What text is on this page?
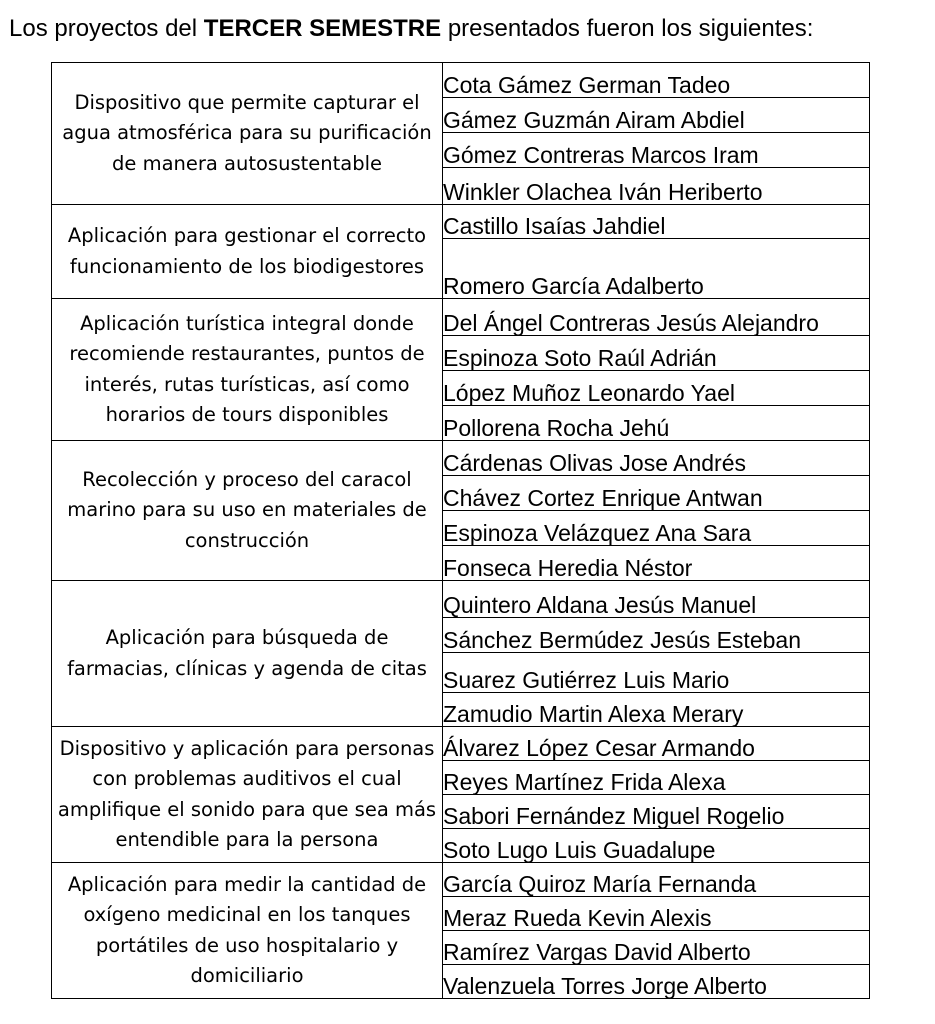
Los proyectos del TERCER SEMESTRE presentados fueron los siguientes:
Dispositivo que permite capturar el agua atmosférica para su purificación de manera autosustentable	Cota Gámez German Tadeo
	Gámez Guzmán Airam Abdiel
	Gómez Contreras Marcos Iram
	Winkler Olachea Iván Heriberto
Aplicación para gestionar el correcto funcionamiento de los biodigestores	Castillo Isaías Jahdiel
	Romero García Adalberto
Aplicación turística integral donde recomiende restaurantes, puntos de interés, rutas turísticas, así como horarios de tours disponibles	Del Ángel Contreras Jesús Alejandro
	Espinoza Soto Raúl Adrián
	López Muñoz Leonardo Yael
	Pollorena Rocha Jehú
Recolección y proceso del caracol marino para su uso en materiales de construcción	Cárdenas Olivas Jose Andrés
	Chávez Cortez Enrique Antwan
	Espinoza Velázquez Ana Sara
	Fonseca Heredia Néstor
Aplicación para búsqueda de farmacias, clínicas y agenda de citas	Quintero Aldana Jesús Manuel
	Sánchez Bermúdez Jesús Esteban
	Suarez Gutiérrez Luis Mario
	Zamudio Martin Alexa Merary
Dispositivo y aplicación para personas con problemas auditivos el cual amplifique el sonido para que sea más entendible para la persona	Álvarez López Cesar Armando
	Reyes Martínez Frida Alexa
	Sabori Fernández Miguel Rogelio
	Soto Lugo Luis Guadalupe
Aplicación para medir la cantidad de oxígeno medicinal en los tanques portátiles de uso hospitalario y domiciliario	García Quiroz María Fernanda
	Meraz Rueda Kevin Alexis
	Ramírez Vargas David Alberto
	Valenzuela Torres Jorge Alberto
